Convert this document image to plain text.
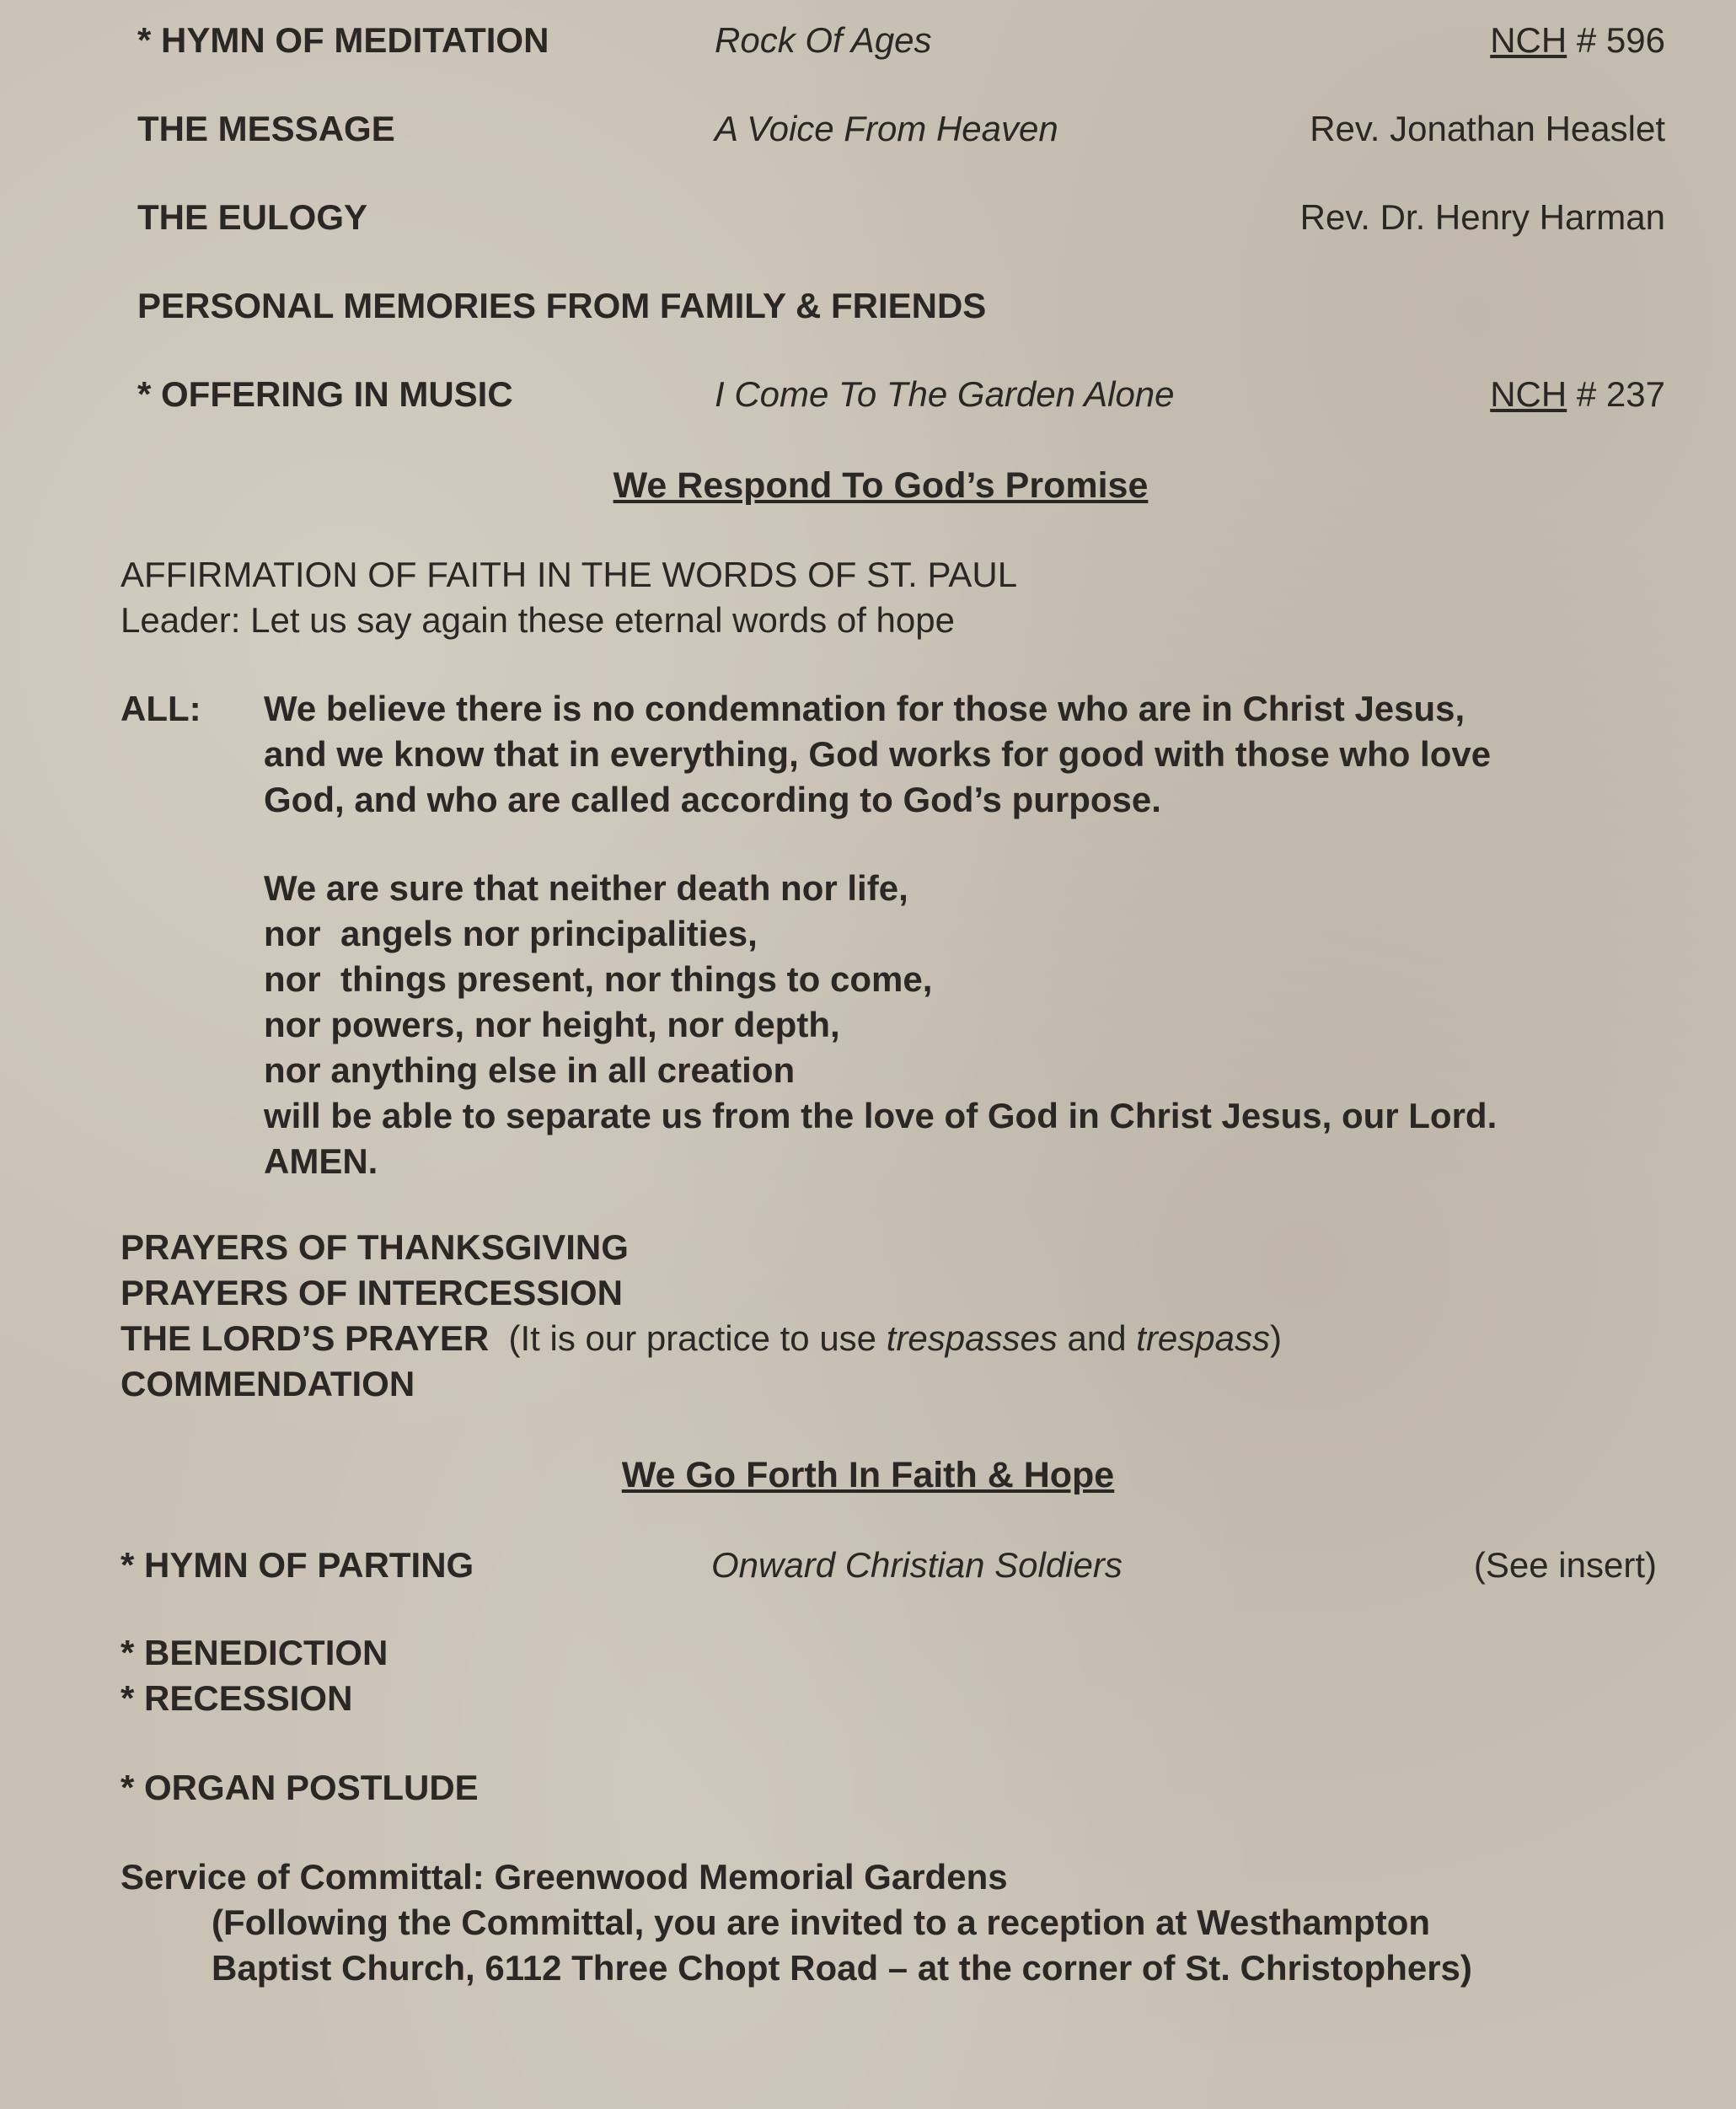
* HYMN OF MEDITATION	Rock Of Ages	NCH # 596
THE MESSAGE	A Voice From Heaven	Rev. Jonathan Heaslet
THE EULOGY	Rev. Dr. Henry Harman
PERSONAL MEMORIES FROM FAMILY & FRIENDS
* OFFERING IN MUSIC	I Come To The Garden Alone	NCH # 237
We Respond To God’s Promise
AFFIRMATION OF FAITH IN THE WORDS OF ST. PAUL
Leader: Let us say again these eternal words of hope
ALL: We believe there is no condemnation for those who are in Christ Jesus,
and we know that in everything, God works for good with those who love
God, and who are called according to God’s purpose.
We are sure that neither death nor life,
nor  angels nor principalities,
nor  things present, nor things to come,
nor powers, nor height, nor depth,
nor anything else in all creation
will be able to separate us from the love of God in Christ Jesus, our Lord.
AMEN.
PRAYERS OF THANKSGIVING
PRAYERS OF INTERCESSION
THE LORD’S PRAYER (It is our practice to use trespasses and trespass)
COMMENDATION
We Go Forth In Faith & Hope
* HYMN OF PARTING	Onward Christian Soldiers	(See insert)
* BENEDICTION
* RECESSION
* ORGAN POSTLUDE
Service of Committal: Greenwood Memorial Gardens
(Following the Committal, you are invited to a reception at Westhampton
Baptist Church, 6112 Three Chopt Road – at the corner of St. Christophers)
